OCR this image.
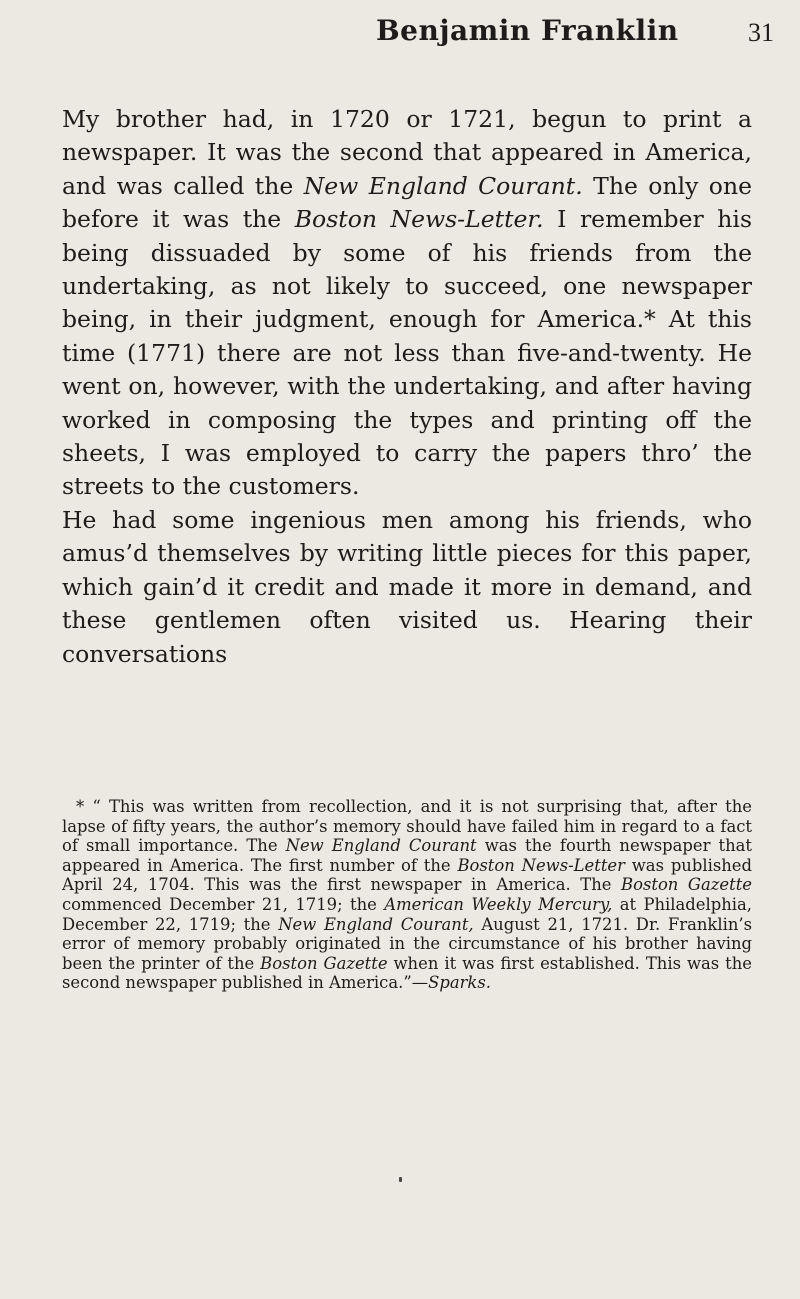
Benjamin Franklin	31

My brother had, in 1720 or 1721, begun to print a newspaper. It was the second that appeared in America, and was called the New England Courant. The only one before it was the Boston News-Letter. I remember his being dissuaded by some of his friends from the undertaking, as not likely to succeed, one newspaper being, in their judgment, enough for America.* At this time (1771) there are not less than five-and-twenty. He went on, however, with the undertaking, and after having worked in composing the types and printing off the sheets, I was employed to carry the papers thro’ the streets to the customers.

He had some ingenious men among his friends, who amus’d themselves by writing little pieces for this paper, which gain’d it credit and made it more in demand, and these gentlemen often visited us. Hearing their conversations

* “ This was written from recollection, and it is not surprising that, after the lapse of fifty years, the author’s memory should have failed him in regard to a fact of small importance. The New England Courant was the fourth newspaper that appeared in America. The first number of the Boston News-Letter was published April 24, 1704. This was the first newspaper in America. The Boston Gazette commenced December 21, 1719; the American Weekly Mercury, at Philadelphia, December 22, 1719; the New England Courant, August 21, 1721. Dr. Franklin’s error of memory probably originated in the circumstance of his brother having been the printer of the Boston Gazette when it was first established. This was the second newspaper published in America.”—Sparks.
